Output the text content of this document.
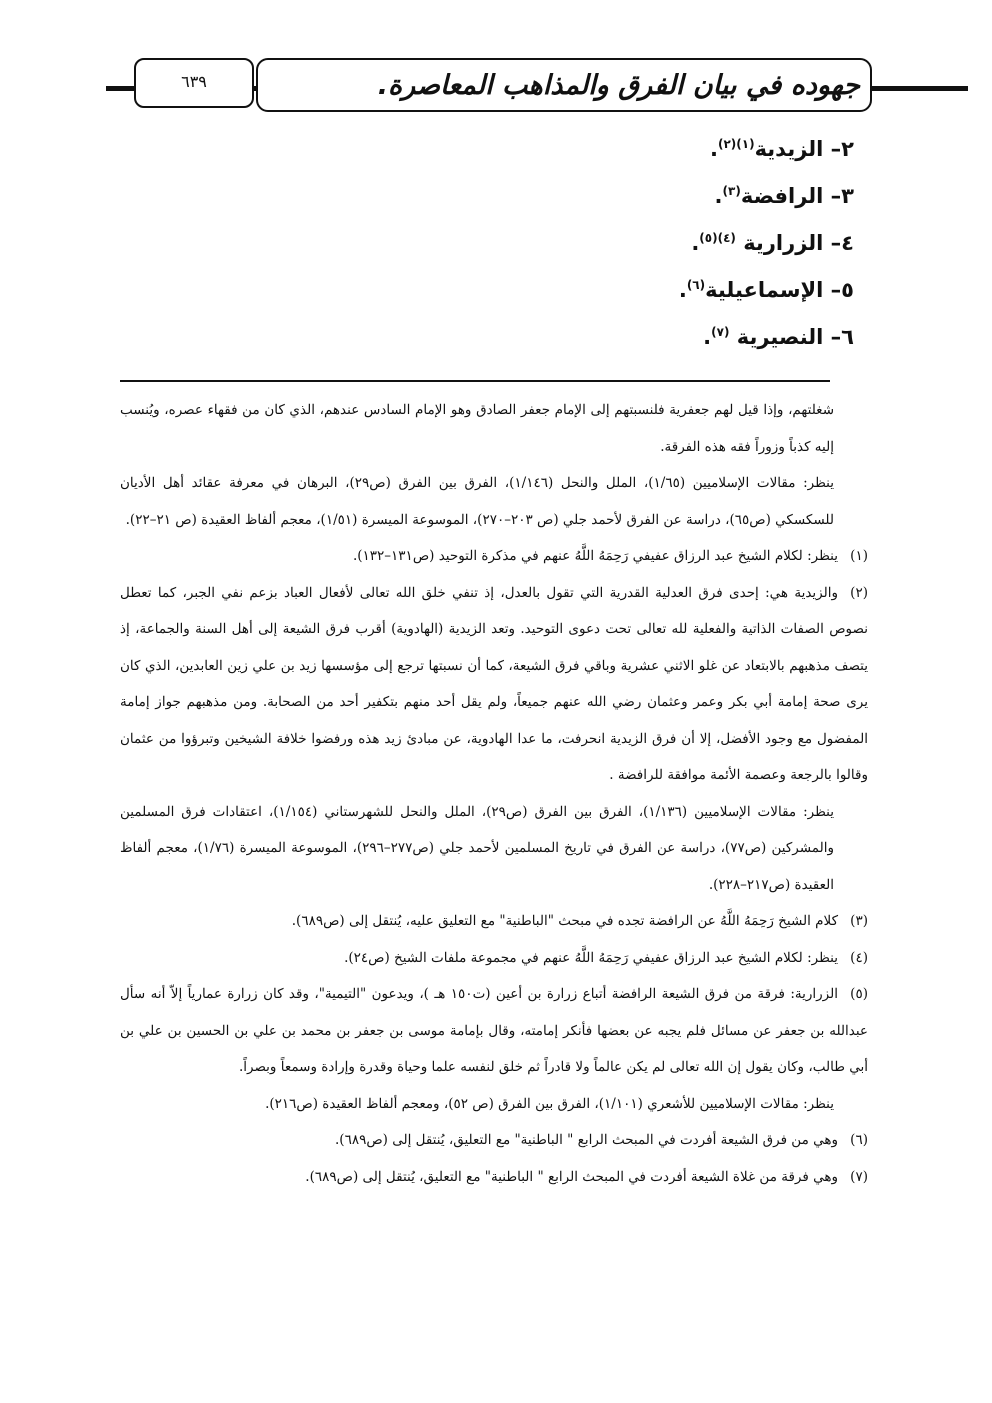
جهوده في بيان الفرق والمذاهب المعاصرة.
٦٣٩
٢– الزيدية$^{(١)(٢)}$.
٣– الرافضة$^{(٣)}$.
٤– الزرارية $^{(٤)(٥)}$.
٥– الإسماعيلية$^{(٦)}$.
٦– النصيرية $^{(٧)}$.

شغلتهم، وإذا قيل لهم جعفرية فلنسبتهم إلى الإمام جعفر الصادق وهو الإمام السادس عندهم، الذي كان من فقهاء عصره، ويُنسب إليه كذباً وزوراً فقه هذه الفرقة.

ينظر: مقالات الإسلاميين (١/٦٥)، الملل والنحل (١/١٤٦)، الفرق بين الفرق (ص٢٩)، البرهان في معرفة عقائد أهل الأديان للسكسكي (ص٦٥)، دراسة عن الفرق لأحمد جلي (ص ٢٠٣–٢٧٠)، الموسوعة الميسرة (١/٥١)، معجم ألفاظ العقيدة (ص ٢١–٢٢).

(١)ينظر: لكلام الشيخ عبد الرزاق عفيفي رَحِمَهُ اللَّهُ عنهم في مذكرة التوحيد (ص١٣١–١٣٢).

(٢)والزيدية هي: إحدى فرق العدلية القدرية التي تقول بالعدل، إذ تنفي خلق الله تعالى لأفعال العباد بزعم نفي الجبر، كما تعطل نصوص الصفات الذاتية والفعلية لله تعالى تحت دعوى التوحيد. وتعد الزيدية (الهادوية) أقرب فرق الشيعة إلى أهل السنة والجماعة، إذ يتصف مذهبهم بالابتعاد عن غلو الاثني عشرية وباقي فرق الشيعة، كما أن نسبتها ترجع إلى مؤسسها زيد بن علي زين العابدين، الذي كان يرى صحة إمامة أبي بكر وعمر وعثمان رضي الله عنهم جميعاً، ولم يقل أحد منهم بتكفير أحد من الصحابة. ومن مذهبهم جواز إمامة المفضول مع وجود الأفضل، إلا أن فرق الزيدية انحرفت، ما عدا الهادوية، عن مبادئ زيد هذه ورفضوا خلافة الشيخين وتبرؤوا من عثمان وقالوا بالرجعة وعصمة الأئمة موافقة للرافضة .

ينظر: مقالات الإسلاميين (١/١٣٦)، الفرق بين الفرق (ص٢٩)، الملل والنحل للشهرستاني (١/١٥٤)، اعتقادات فرق المسلمين والمشركين (ص٧٧)، دراسة عن الفرق في تاريخ المسلمين لأحمد جلي (ص٢٧٧–٢٩٦)، الموسوعة الميسرة (١/٧٦)، معجم ألفاظ العقيدة (ص٢١٧–٢٢٨).

(٣)كلام الشيخ رَحِمَهُ اللَّهُ عن الرافضة تجده في مبحث "الباطنية" مع التعليق عليه، يُنتقل إلى (ص٦٨٩).

(٤)ينظر: لكلام الشيخ عبد الرزاق عفيفي رَحِمَهُ اللَّهُ عنهم في مجموعة ملفات الشيخ (ص٢٤).

(٥)الزرارية: فرقة من فرق الشيعة الرافضة أتباع زرارة بن أعين (ت١٥٠ هـ )، ويدعون "التيمية"، وقد كان زرارة عمارياً إلاّ أنه سأل عبدالله بن جعفر عن مسائل فلم يجبه عن بعضها فأنكر إمامته، وقال بإمامة موسى بن جعفر بن محمد بن علي بن الحسين بن علي بن أبي طالب، وكان يقول إن الله تعالى لم يكن عالماً ولا قادراً ثم خلق لنفسه علما وحياة وقدرة وإرادة وسمعاً وبصراً.

ينظر: مقالات الإسلاميين للأشعري (١/١٠١)، الفرق بين الفرق (ص ٥٢)، ومعجم ألفاظ العقيدة (ص٢١٦).

(٦)وهي من فرق الشيعة أفردت في المبحث الرابع " الباطنية" مع التعليق، يُنتقل إلى (ص٦٨٩).

(٧)وهي فرقة من غلاة الشيعة أفردت في المبحث الرابع " الباطنية" مع التعليق، يُنتقل إلى (ص٦٨٩).
